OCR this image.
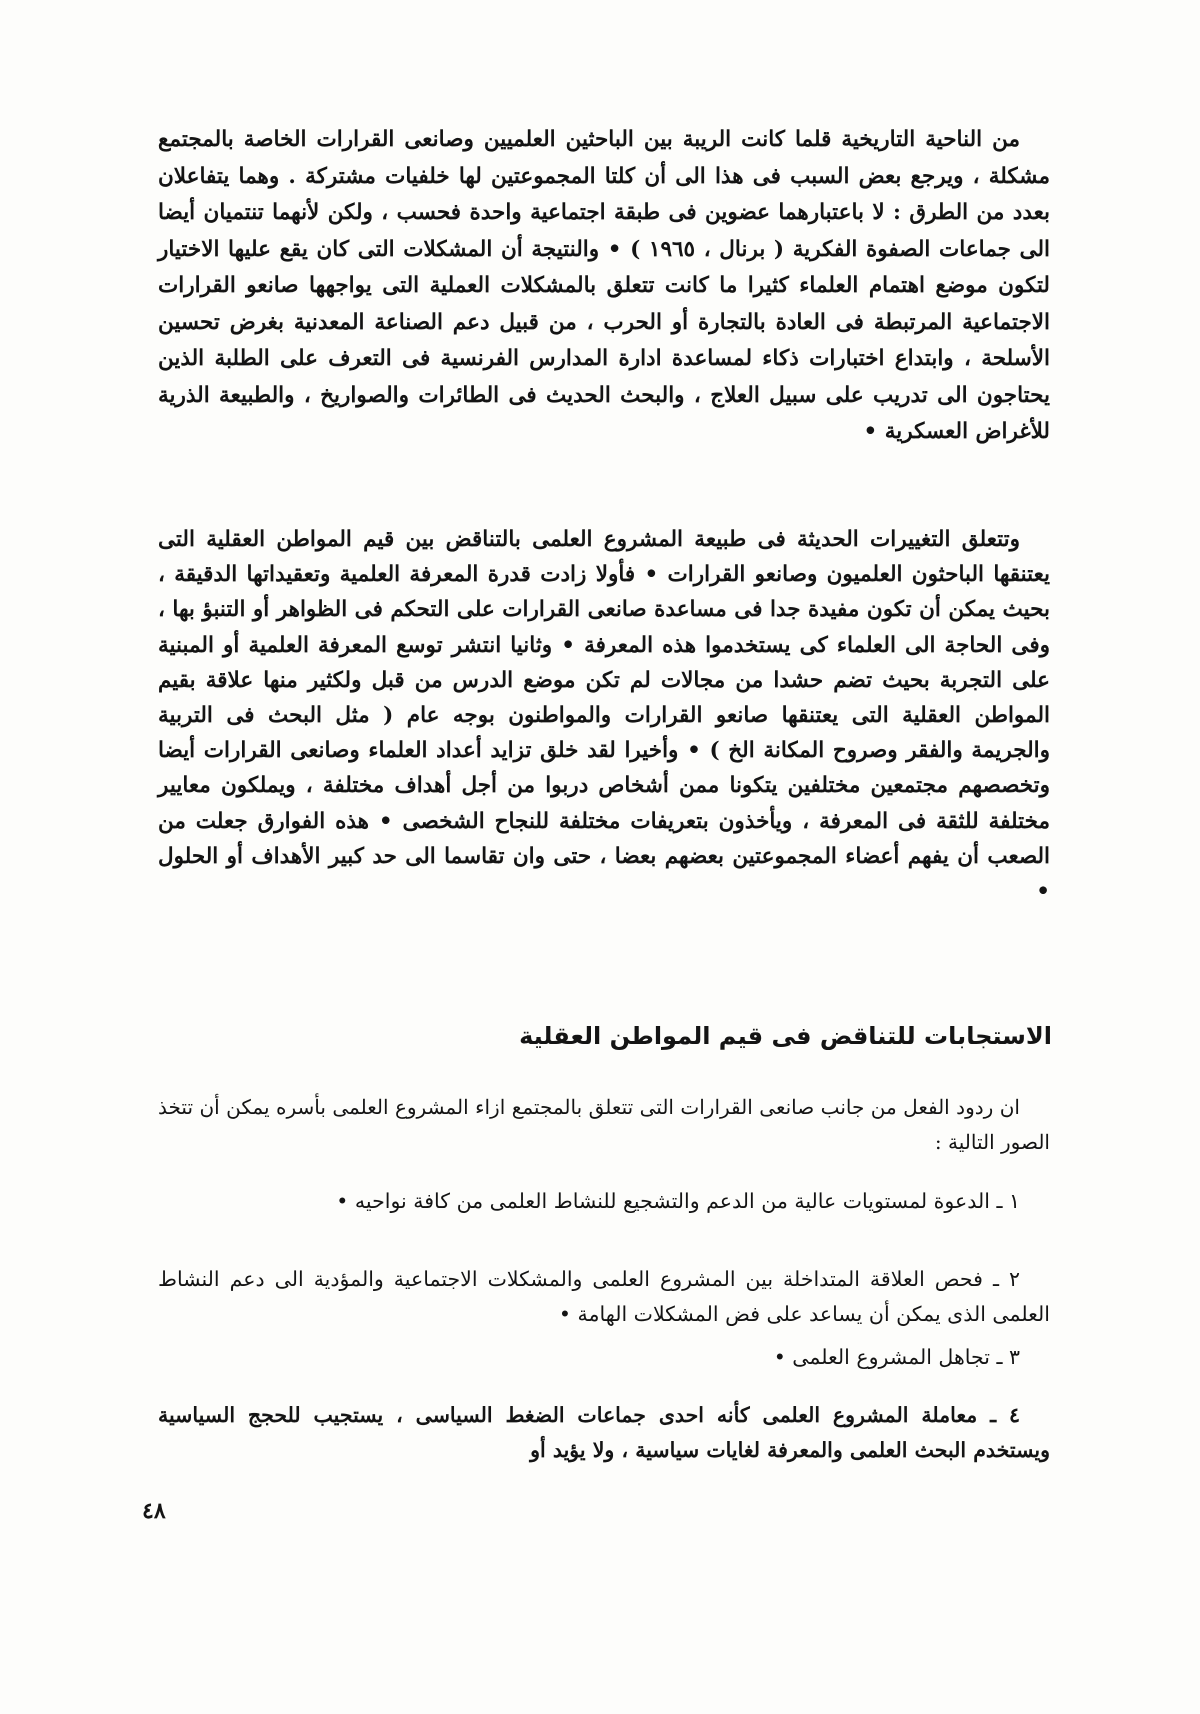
من الناحية التاريخية قلما كانت الريبة بين الباحثين العلميين وصانعى القرارات الخاصة بالمجتمع مشكلة ، ويرجع بعض السبب فى هذا الى أن كلتا المجموعتين لها خلفيات مشتركة . وهما يتفاعلان بعدد من الطرق : لا باعتبارهما عضوين فى طبقة اجتماعية واحدة فحسب ، ولكن لأنهما تنتميان أيضا الى جماعات الصفوة الفكرية ( برنال ، ١٩٦٥ ) • والنتيجة أن المشكلات التى كان يقع عليها الاختيار لتكون موضع اهتمام العلماء كثيرا ما كانت تتعلق بالمشكلات العملية التى يواجهها صانعو القرارات الاجتماعية المرتبطة فى العادة بالتجارة أو الحرب ، من قبيل دعم الصناعة المعدنية بغرض تحسين الأسلحة ، وابتداع اختبارات ذكاء لمساعدة ادارة المدارس الفرنسية فى التعرف على الطلبة الذين يحتاجون الى تدريب على سبيل العلاج ، والبحث الحديث فى الطائرات والصواريخ ، والطبيعة الذرية للأغراض العسكرية •
وتتعلق التغييرات الحديثة فى طبيعة المشروع العلمى بالتناقض بين قيم المواطن العقلية التى يعتنقها الباحثون العلميون وصانعو القرارات • فأولا زادت قدرة المعرفة العلمية وتعقيداتها الدقيقة ، بحيث يمكن أن تكون مفيدة جدا فى مساعدة صانعى القرارات على التحكم فى الظواهر أو التنبؤ بها ، وفى الحاجة الى العلماء كى يستخدموا هذه المعرفة • وثانيا انتشر توسع المعرفة العلمية أو المبنية على التجربة بحيث تضم حشدا من مجالات لم تكن موضع الدرس من قبل ولكثير منها علاقة بقيم المواطن العقلية التى يعتنقها صانعو القرارات والمواطنون بوجه عام ( مثل البحث فى التربية والجريمة والفقر وصروح المكانة الخ ) • وأخيرا لقد خلق تزايد أعداد العلماء وصانعى القرارات أيضا وتخصصهم مجتمعين مختلفين يتكونا ممن أشخاص دربوا من أجل أهداف مختلفة ، ويملكون معايير مختلفة للثقة فى المعرفة ، ويأخذون بتعريفات مختلفة للنجاح الشخصى • هذه الفوارق جعلت من الصعب أن يفهم أعضاء المجموعتين بعضهم بعضا ، حتى وان تقاسما الى حد كبير الأهداف أو الحلول •
الاستجابات للتناقض فى قيم المواطن العقلية
ان ردود الفعل من جانب صانعى القرارات التى تتعلق بالمجتمع ازاء المشروع العلمى بأسره يمكن أن تتخذ الصور التالية :
١ ـ الدعوة لمستويات عالية من الدعم والتشجيع للنشاط العلمى من كافة نواحيه •
٢ ـ فحص العلاقة المتداخلة بين المشروع العلمى والمشكلات الاجتماعية والمؤدية الى دعم النشاط العلمى الذى يمكن أن يساعد على فض المشكلات الهامة •
٣ ـ تجاهل المشروع العلمى •
٤ ـ معاملة المشروع العلمى كأنه احدى جماعات الضغط السياسى ، يستجيب للحجج السياسية ويستخدم البحث العلمى والمعرفة لغايات سياسية ، ولا يؤيد أو
٤٨
